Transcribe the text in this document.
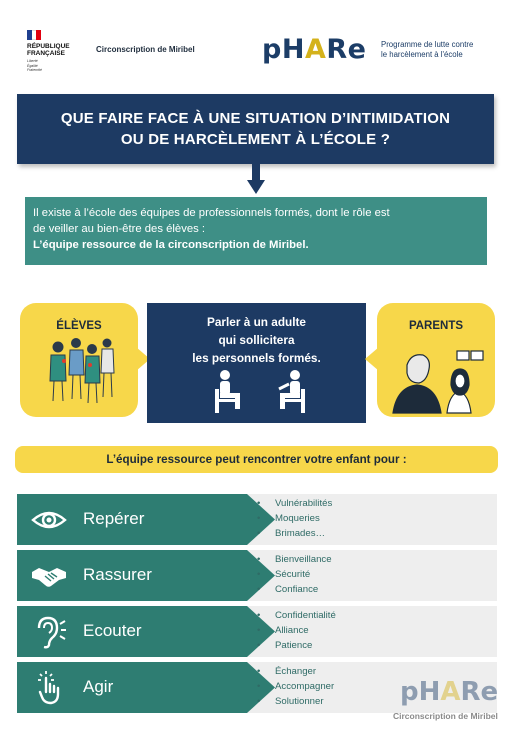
RÉPUBLIQUE
FRANÇAISE
Liberté
Égalité
Fraternité
Circonscription de Miribel pHARe Programme de lutte contre
le harcèlement à l'école
QUE FAIRE FACE À UNE SITUATION D’INTIMIDATION
OU DE HARCÈLEMENT À L’ÉCOLE ?
Il existe à l’école des équipes de professionnels formés, dont le rôle est
de veiller au bien-être des élèves :
L’équipe ressource de la circonscription de Miribel.
ÉLÈVES	Parler à un adulte
qui sollicitera
les personnels formés.
PARENTS
L’équipe ressource peut rencontrer votre enfant pour :
Repérer
• Vulnérabilités
• Moqueries
• Brimades…
Rassurer
• Bienveillance
• Sécurité
• Confiance
Ecouter
• Confidentialité
• Alliance
• Patience
Agir
• Échanger
• Accompagner
• Solutionner	pHARe
Circonscription de Miribel
